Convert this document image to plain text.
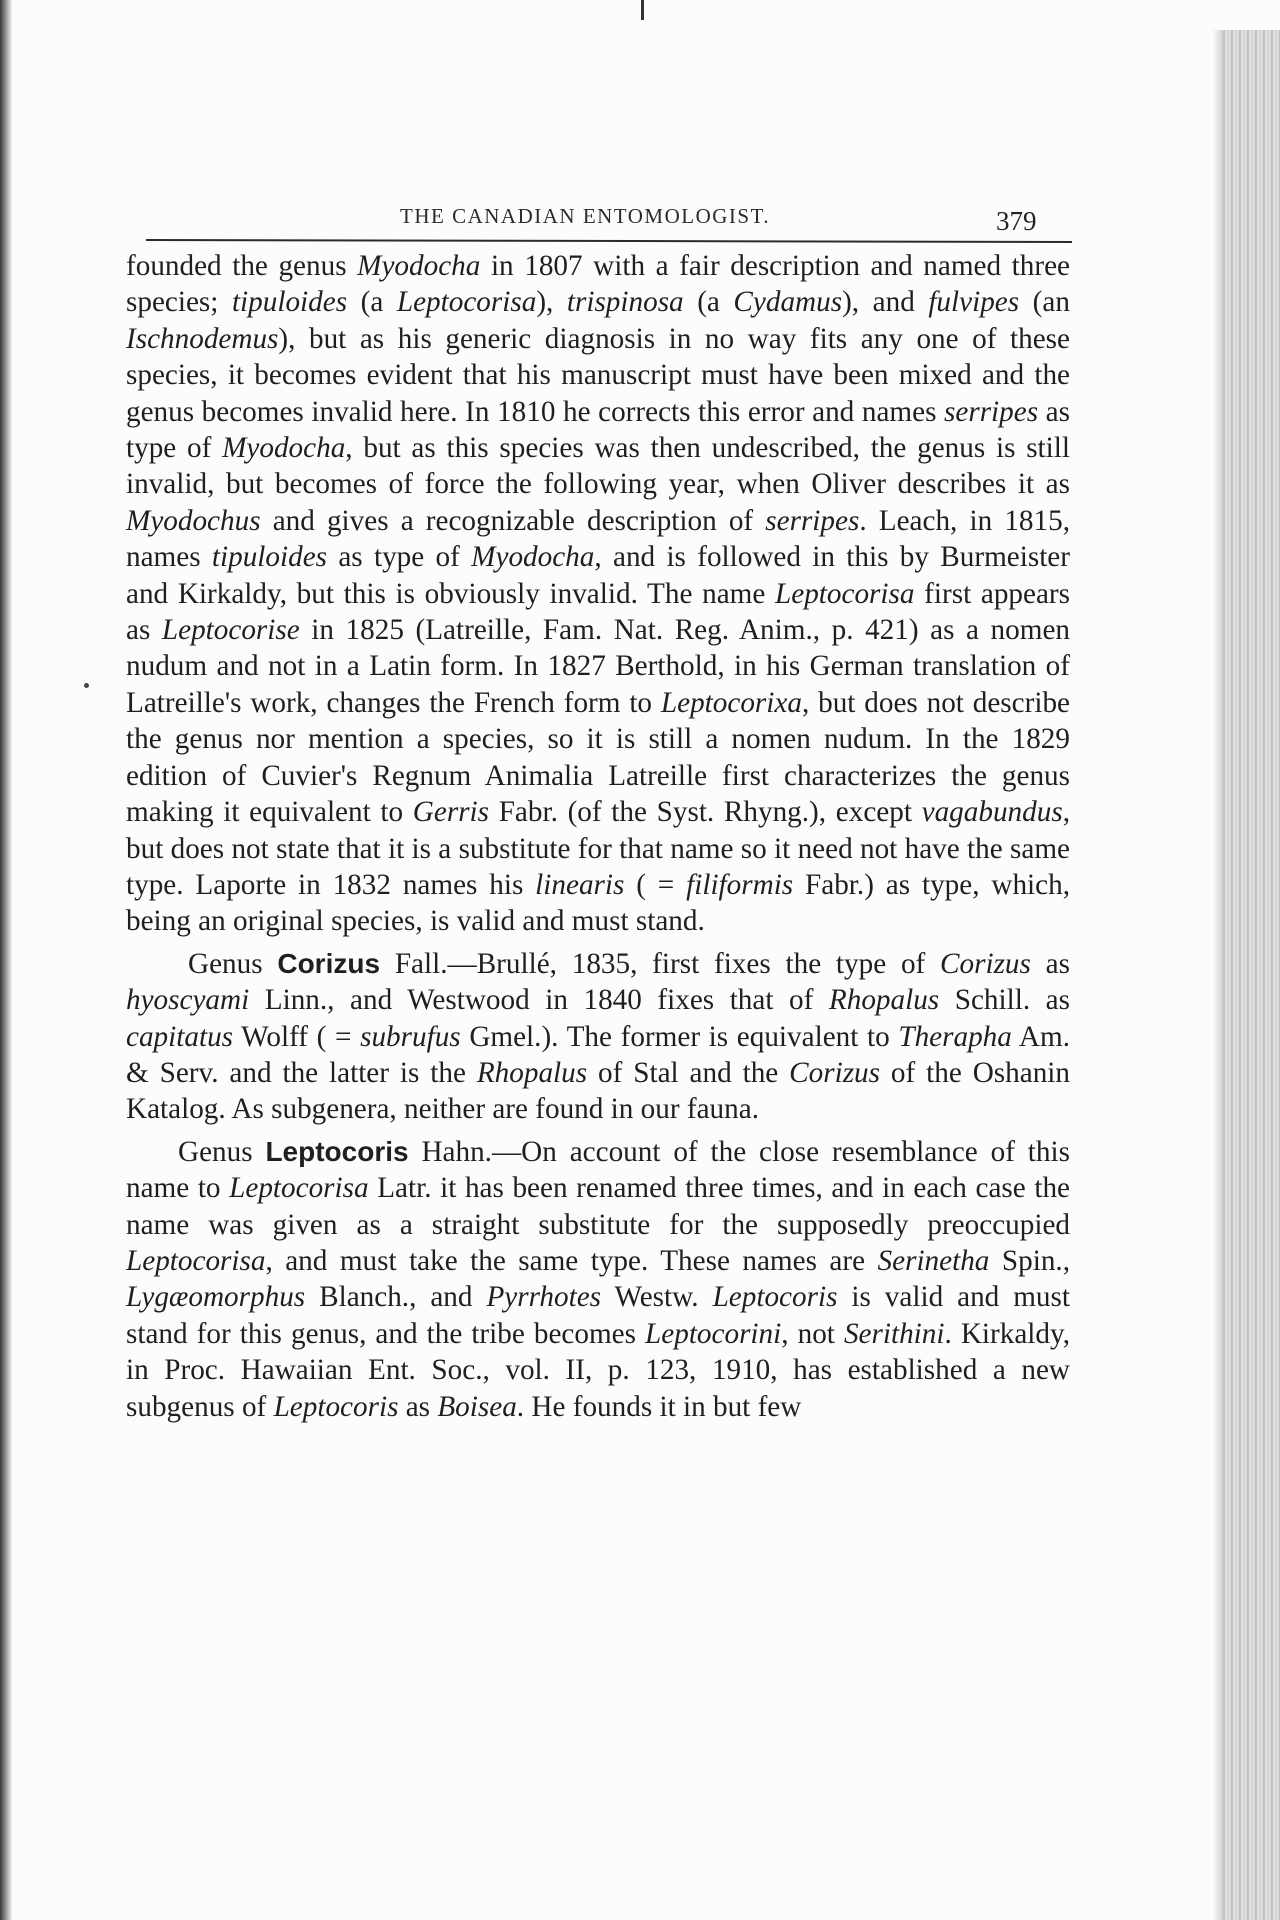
THE CANADIAN ENTOMOLOGIST.	379

founded the genus Myodocha in 1807 with a fair description and named three species; tipuloides (a Leptocorisa), trispinosa (a Cydamus), and fulvipes (an Ischnodemus), but as his generic diagnosis in no way fits any one of these species, it becomes evident that his manuscript must have been mixed and the genus becomes invalid here. In 1810 he corrects this error and names serripes as type of Myodocha, but as this species was then undescribed, the genus is still invalid, but becomes of force the following year, when Oliver describes it as Myodochus and gives a recognizable description of serripes. Leach, in 1815, names tipuloides as type of Myodocha, and is followed in this by Burmeister and Kirkaldy, but this is obviously invalid. The name Leptocorisa first appears as Leptocorise in 1825 (Latreille, Fam. Nat. Reg. Anim., p. 421) as a nomen nudum and not in a Latin form. In 1827 Berthold, in his German translation of Latreille's work, changes the French form to Leptocorixa, but does not describe the genus nor mention a species, so it is still a nomen nudum. In the 1829 edition of Cuvier's Regnum Animalia Latreille first characterizes the genus making it equivalent to Gerris Fabr. (of the Syst. Rhyng.), except vagabundus, but does not state that it is a substitute for that name so it need not have the same type. Laporte in 1832 names his linearis ( = filiformis Fabr.) as type, which, being an original species, is valid and must stand.

Genus Corizus Fall.—Brullé, 1835, first fixes the type of Corizus as hyoscyami Linn., and Westwood in 1840 fixes that of Rhopalus Schill. as capitatus Wolff ( = subrufus Gmel.). The former is equivalent to Therapha Am. & Serv. and the latter is the Rhopalus of Stal and the Corizus of the Oshanin Katalog. As subgenera, neither are found in our fauna.

Genus Leptocoris Hahn.—On account of the close resemblance of this name to Leptocorisa Latr. it has been renamed three times, and in each case the name was given as a straight substitute for the supposedly preoccupied Leptocorisa, and must take the same type. These names are Serinetha Spin., Lygæomorphus Blanch., and Pyrrhotes Westw. Leptocoris is valid and must stand for this genus, and the tribe becomes Leptocorini, not Serithini. Kirkaldy, in Proc. Hawaiian Ent. Soc., vol. II, p. 123, 1910, has established a new subgenus of Leptocoris as Boisea. He founds it in but few
